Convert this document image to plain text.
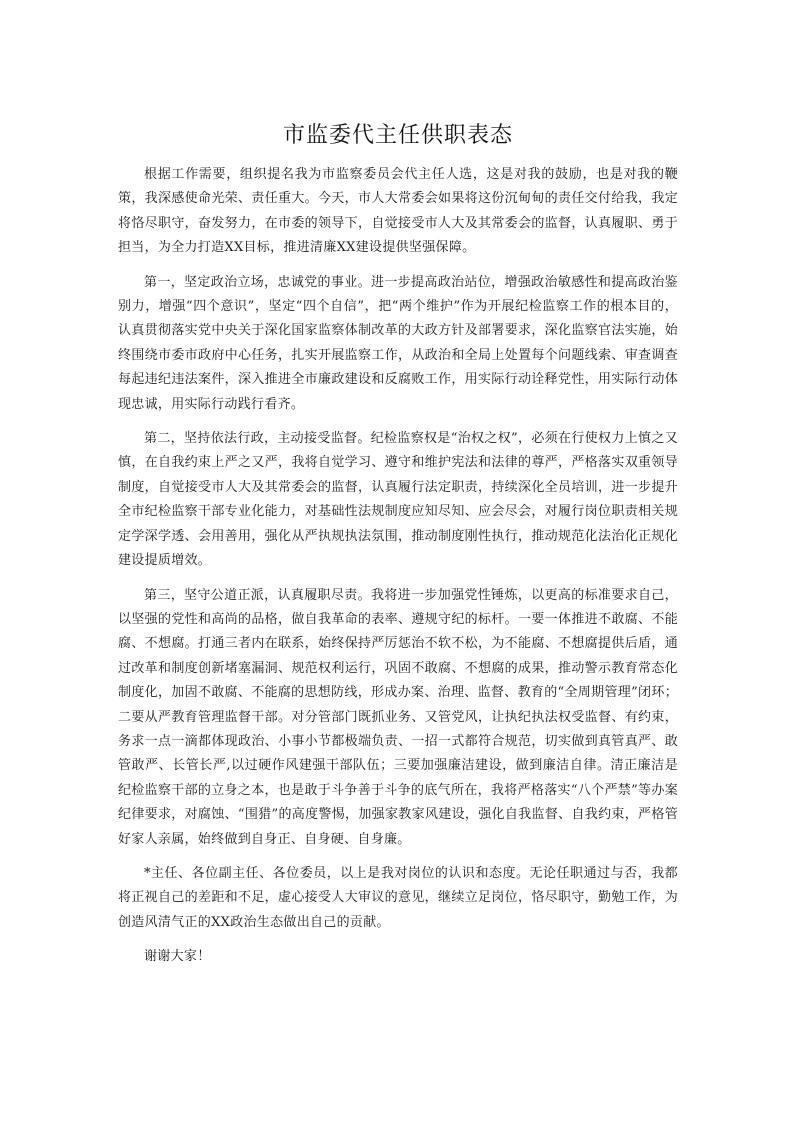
市监委代主任供职表态

根据工作需要，组织提名我为市监察委员会代主任人选，这是对我的鼓励，也是对我的鞭策，我深感使命光荣、责任重大。今天，市人大常委会如果将这份沉甸甸的责任交付给我，我定将恪尽职守，奋发努力，在市委的领导下，自觉接受市人大及其常委会的监督，认真履职、勇于担当，为全力打造XX目标，推进清廉XX建设提供坚强保障。

第一，坚定政治立场，忠诚党的事业。进一步提高政治站位，增强政治敏感性和提高政治鉴别力，增强“四个意识”，坚定“四个自信”，把“两个维护”作为开展纪检监察工作的根本目的，认真贯彻落实党中央关于深化国家监察体制改革的大政方针及部署要求，深化监察官法实施，始终围绕市委市政府中心任务，扎实开展监察工作，从政治和全局上处置每个问题线索、审查调查每起违纪违法案件，深入推进全市廉政建设和反腐败工作，用实际行动诠释党性，用实际行动体现忠诚，用实际行动践行看齐。

第二，坚持依法行政，主动接受监督。纪检监察权是“治权之权”，必须在行使权力上慎之又慎，在自我约束上严之又严，我将自觉学习、遵守和维护宪法和法律的尊严，严格落实双重领导制度，自觉接受市人大及其常委会的监督，认真履行法定职责，持续深化全员培训，进一步提升全市纪检监察干部专业化能力，对基础性法规制度应知尽知、应会尽会，对履行岗位职责相关规定学深学透、会用善用，强化从严执规执法氛围，推动制度刚性执行，推动规范化法治化正规化建设提质增效。

第三，坚守公道正派，认真履职尽责。我将进一步加强党性锤炼，以更高的标准要求自己，以坚强的党性和高尚的品格，做自我革命的表率、遵规守纪的标杆。一要一体推进不敢腐、不能腐、不想腐。打通三者内在联系，始终保持严厉惩治不软不松，为不能腐、不想腐提供后盾，通过改革和制度创新堵塞漏洞、规范权利运行，巩固不敢腐、不想腐的成果，推动警示教育常态化制度化，加固不敢腐、不能腐的思想防线，形成办案、治理、监督、教育的“全周期管理”闭环；二要从严教育管理监督干部。对分管部门既抓业务、又管党风，让执纪执法权受监督、有约束，务求一点一滴都体现政治、小事小节都极端负责、一招一式都符合规范，切实做到真管真严、敢管敢严、长管长严,以过硬作风建强干部队伍；三要加强廉洁建设，做到廉洁自律。清正廉洁是纪检监察干部的立身之本，也是敢于斗争善于斗争的底气所在，我将严格落实“八个严禁”等办案纪律要求，对腐蚀、“围猎”的高度警惕，加强家教家风建设，强化自我监督、自我约束，严格管好家人亲属，始终做到自身正、自身硬、自身廉。

*主任、各位副主任、各位委员，以上是我对岗位的认识和态度。无论任职通过与否，我都将正视自己的差距和不足，虚心接受人大审议的意见，继续立足岗位，恪尽职守，勤勉工作，为创造风清气正的XX政治生态做出自己的贡献。

谢谢大家！
